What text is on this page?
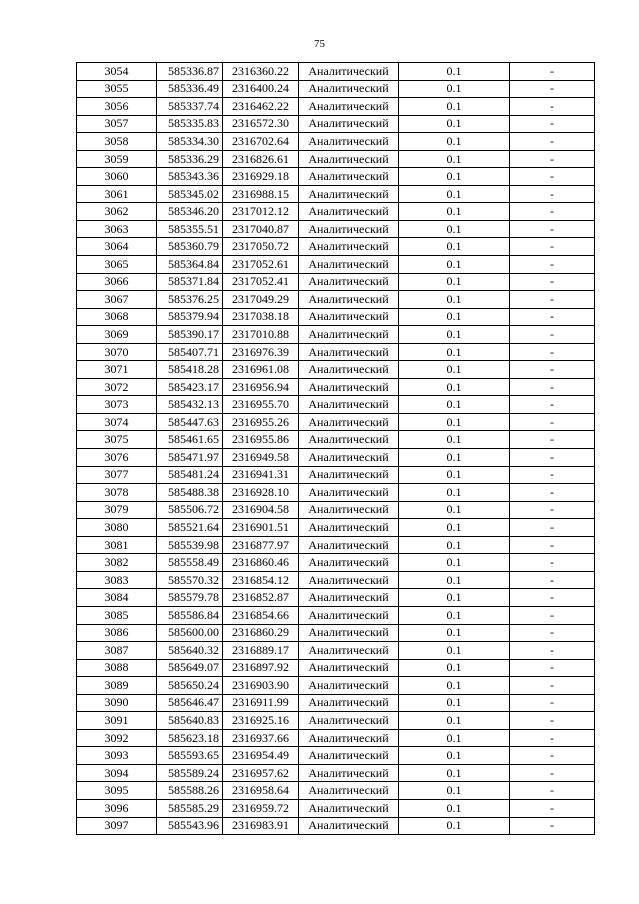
75
3054	585336.87	2316360.22	Аналитический	0.1	-
3055	585336.49	2316400.24	Аналитический	0.1	-
3056	585337.74	2316462.22	Аналитический	0.1	-
3057	585335.83	2316572.30	Аналитический	0.1	-
3058	585334.30	2316702.64	Аналитический	0.1	-
3059	585336.29	2316826.61	Аналитический	0.1	-
3060	585343.36	2316929.18	Аналитический	0.1	-
3061	585345.02	2316988.15	Аналитический	0.1	-
3062	585346.20	2317012.12	Аналитический	0.1	-
3063	585355.51	2317040.87	Аналитический	0.1	-
3064	585360.79	2317050.72	Аналитический	0.1	-
3065	585364.84	2317052.61	Аналитический	0.1	-
3066	585371.84	2317052.41	Аналитический	0.1	-
3067	585376.25	2317049.29	Аналитический	0.1	-
3068	585379.94	2317038.18	Аналитический	0.1	-
3069	585390.17	2317010.88	Аналитический	0.1	-
3070	585407.71	2316976.39	Аналитический	0.1	-
3071	585418.28	2316961.08	Аналитический	0.1	-
3072	585423.17	2316956.94	Аналитический	0.1	-
3073	585432.13	2316955.70	Аналитический	0.1	-
3074	585447.63	2316955.26	Аналитический	0.1	-
3075	585461.65	2316955.86	Аналитический	0.1	-
3076	585471.97	2316949.58	Аналитический	0.1	-
3077	585481.24	2316941.31	Аналитический	0.1	-
3078	585488.38	2316928.10	Аналитический	0.1	-
3079	585506.72	2316904.58	Аналитический	0.1	-
3080	585521.64	2316901.51	Аналитический	0.1	-
3081	585539.98	2316877.97	Аналитический	0.1	-
3082	585558.49	2316860.46	Аналитический	0.1	-
3083	585570.32	2316854.12	Аналитический	0.1	-
3084	585579.78	2316852.87	Аналитический	0.1	-
3085	585586.84	2316854.66	Аналитический	0.1	-
3086	585600.00	2316860.29	Аналитический	0.1	-
3087	585640.32	2316889.17	Аналитический	0.1	-
3088	585649.07	2316897.92	Аналитический	0.1	-
3089	585650.24	2316903.90	Аналитический	0.1	-
3090	585646.47	2316911.99	Аналитический	0.1	-
3091	585640.83	2316925.16	Аналитический	0.1	-
3092	585623.18	2316937.66	Аналитический	0.1	-
3093	585593.65	2316954.49	Аналитический	0.1	-
3094	585589.24	2316957.62	Аналитический	0.1	-
3095	585588.26	2316958.64	Аналитический	0.1	-
3096	585585.29	2316959.72	Аналитический	0.1	-
3097	585543.96	2316983.91	Аналитический	0.1	-
